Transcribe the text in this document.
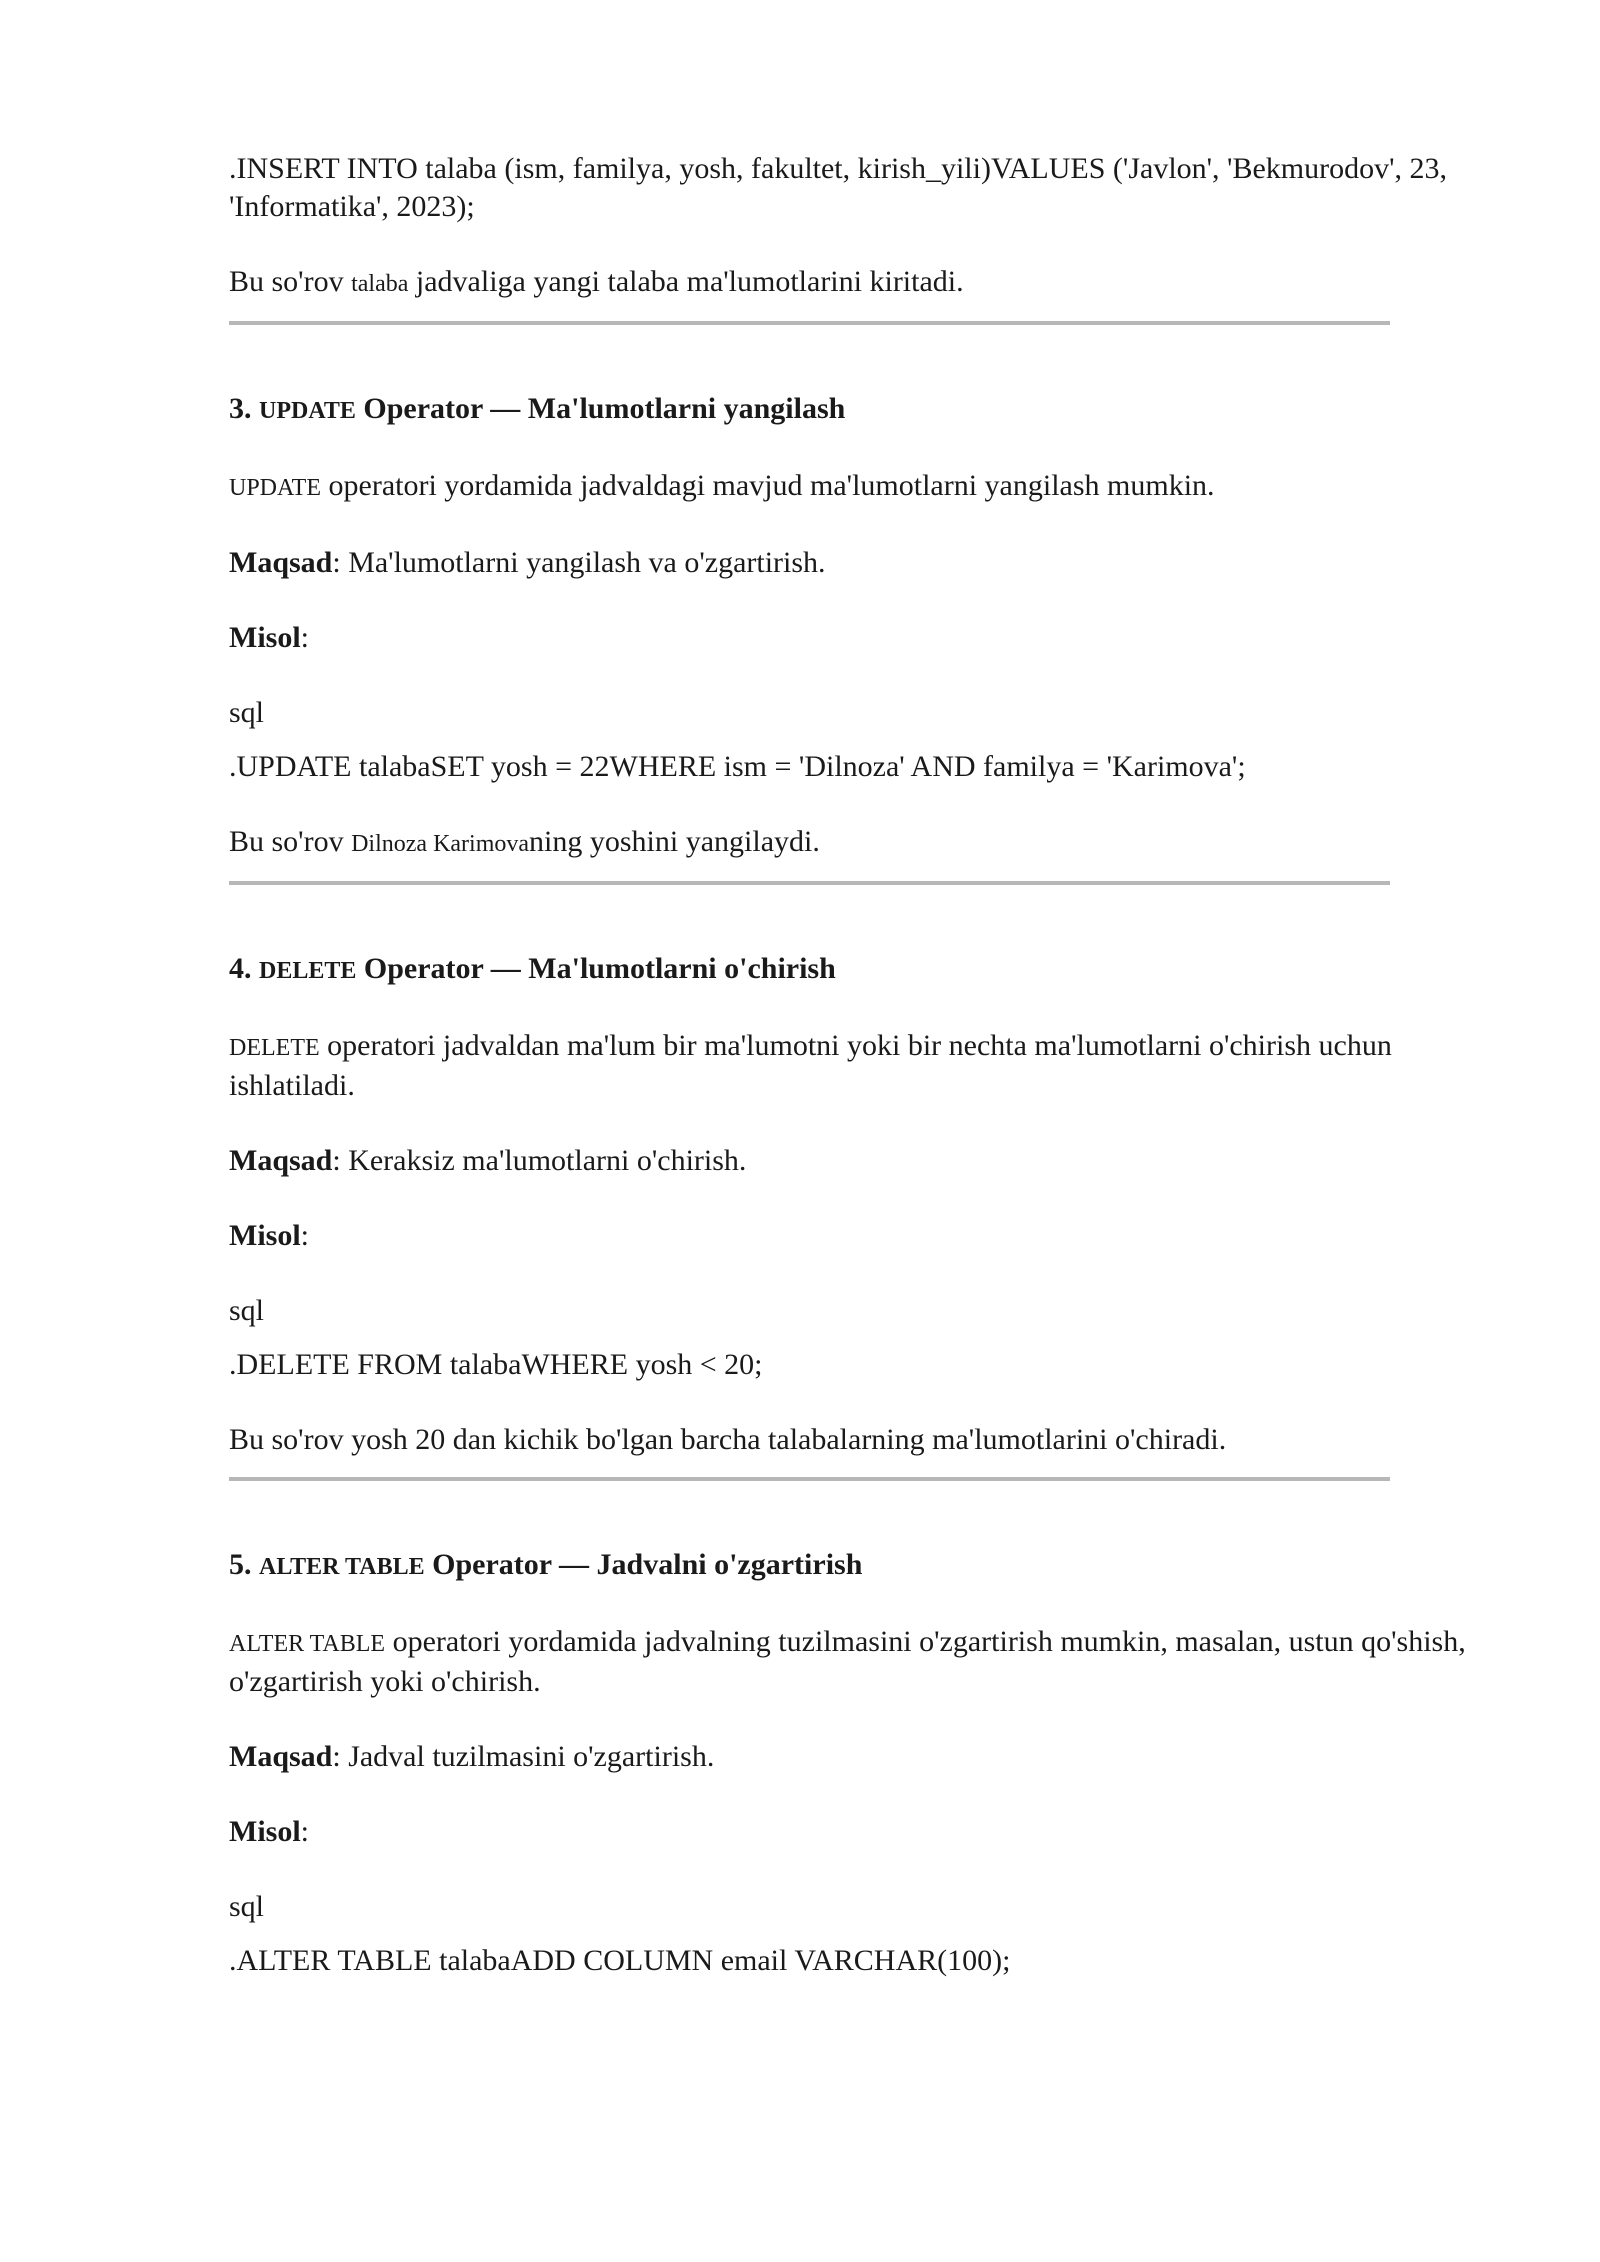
.INSERT INTO talaba (ism, familya, yosh, fakultet, kirish_yili)VALUES ('Javlon', 'Bekmurodov', 23, 'Informatika', 2023);

Bu so'rov talaba jadvaliga yangi talaba ma'lumotlarini kiritadi.

3. UPDATE Operator — Ma'lumotlarni yangilash

UPDATE operatori yordamida jadvaldagi mavjud ma'lumotlarni yangilash mumkin.

Maqsad: Ma'lumotlarni yangilash va o'zgartirish.

Misol:

sql

.UPDATE talabaSET yosh = 22WHERE ism = 'Dilnoza' AND familya = 'Karimova';

Bu so'rov Dilnoza Karimovaning yoshini yangilaydi.

4. DELETE Operator — Ma'lumotlarni o'chirish

DELETE operatori jadvaldan ma'lum bir ma'lumotni yoki bir nechta ma'lumotlarni o'chirish uchun ishlatiladi.

Maqsad: Keraksiz ma'lumotlarni o'chirish.

Misol:

sql

.DELETE FROM talabaWHERE yosh < 20;

Bu so'rov yosh 20 dan kichik bo'lgan barcha talabalarning ma'lumotlarini o'chiradi.

5. ALTER TABLE Operator — Jadvalni o'zgartirish

ALTER TABLE operatori yordamida jadvalning tuzilmasini o'zgartirish mumkin, masalan, ustun qo'shish, o'zgartirish yoki o'chirish.

Maqsad: Jadval tuzilmasini o'zgartirish.

Misol:

sql

.ALTER TABLE talabaADD COLUMN email VARCHAR(100);
